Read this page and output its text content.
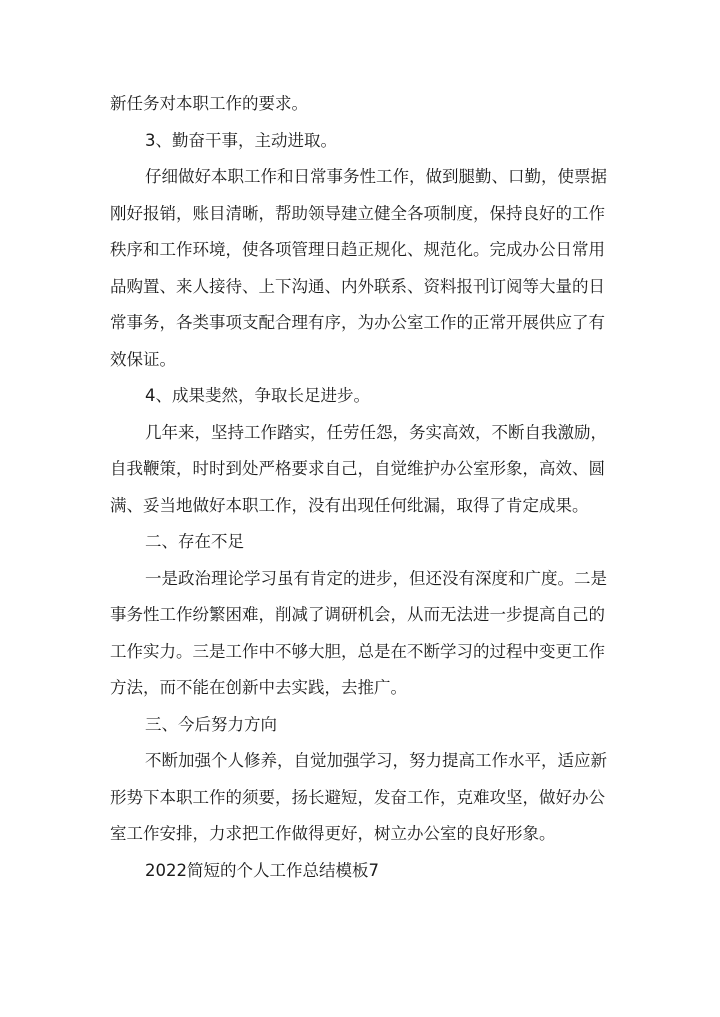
新任务对本职工作的要求。
3、勤奋干事，主动进取。
仔细做好本职工作和日常事务性工作，做到腿勤、口勤，使票据
刚好报销，账目清晰，帮助领导建立健全各项制度，保持良好的工作
秩序和工作环境，使各项管理日趋正规化、规范化。完成办公日常用
品购置、来人接待、上下沟通、内外联系、资料报刊订阅等大量的日
常事务，各类事项支配合理有序，为办公室工作的正常开展供应了有
效保证。
4、成果斐然，争取长足进步。
几年来，坚持工作踏实，任劳任怨，务实高效，不断自我激励，
自我鞭策，时时到处严格要求自己，自觉维护办公室形象，高效、圆
满、妥当地做好本职工作，没有出现任何纰漏，取得了肯定成果。
二、存在不足
一是政治理论学习虽有肯定的进步，但还没有深度和广度。二是
事务性工作纷繁困难，削减了调研机会，从而无法进一步提高自己的
工作实力。三是工作中不够大胆，总是在不断学习的过程中变更工作
方法，而不能在创新中去实践，去推广。
三、今后努力方向
不断加强个人修养，自觉加强学习，努力提高工作水平，适应新
形势下本职工作的须要，扬长避短，发奋工作，克难攻坚，做好办公
室工作安排，力求把工作做得更好，树立办公室的良好形象。
2022简短的个人工作总结模板7
